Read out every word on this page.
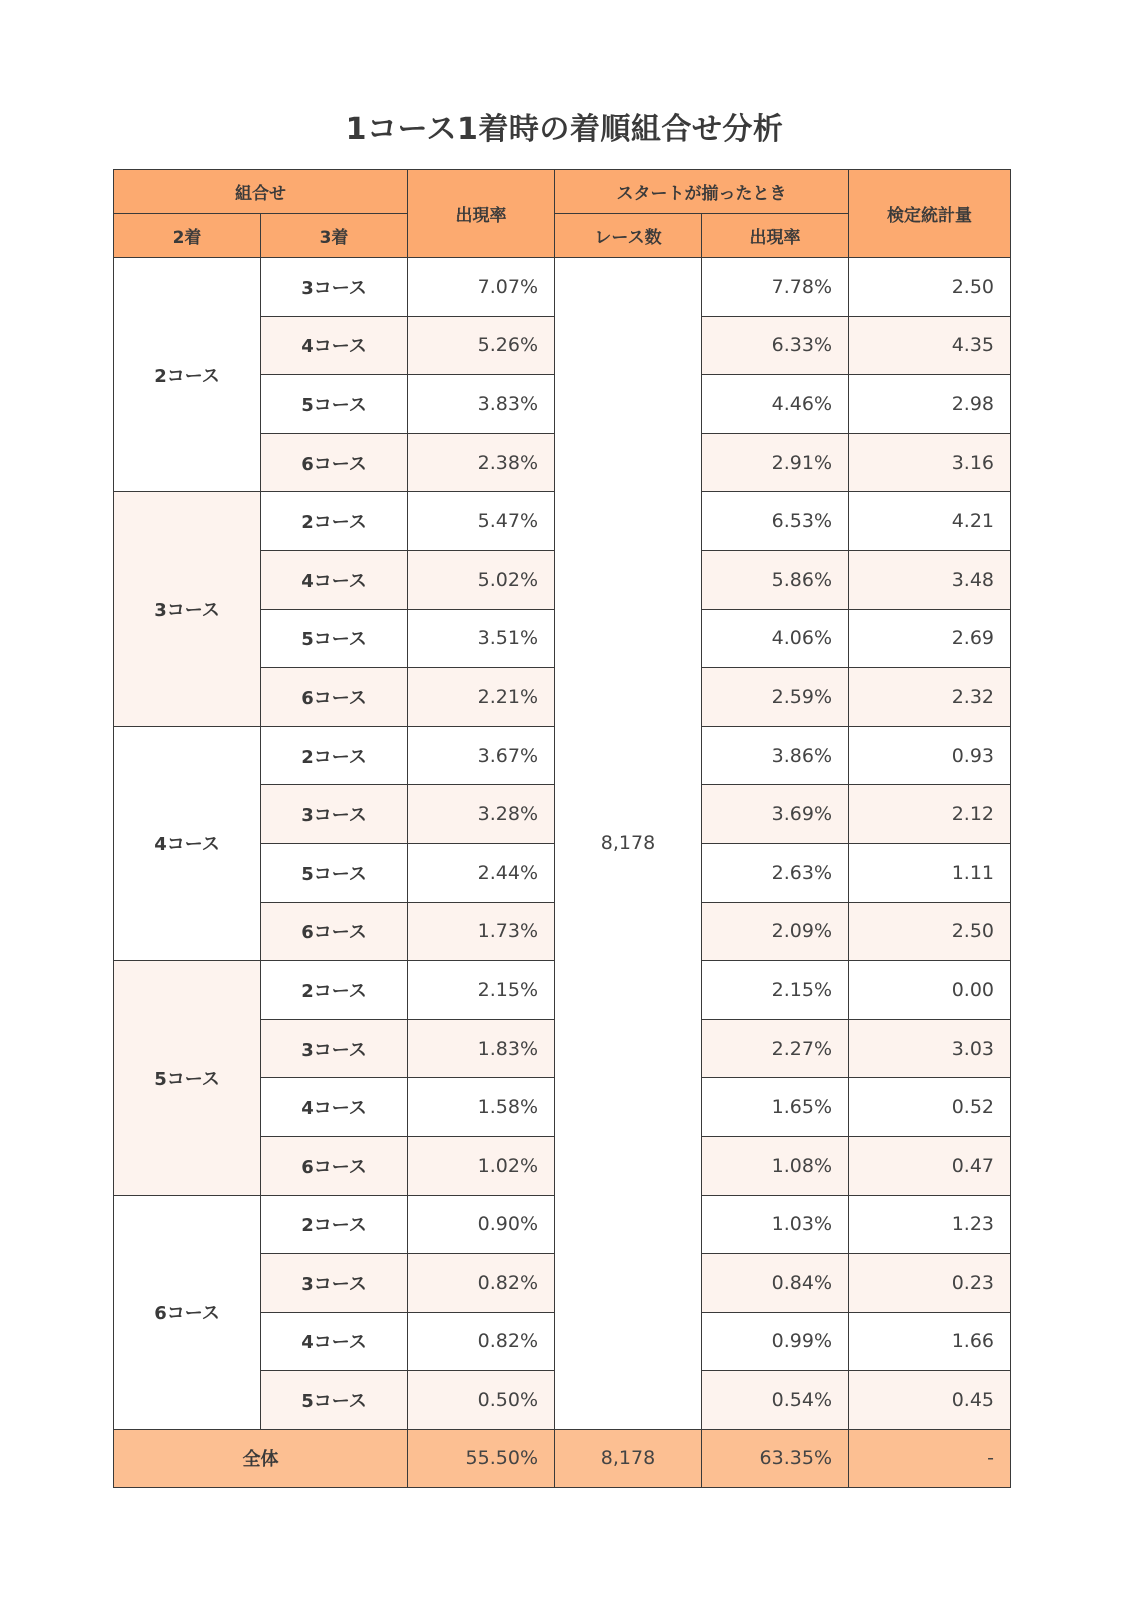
1コース1着時の着順組合せ分析
組合せ		出現率	スタートが揃ったとき		検定統計量
2着	3着		レース数	出現率	
2コース	3コース	7.07%	8,178	7.78%	2.50
	4コース	5.26%		6.33%	4.35
	5コース	3.83%		4.46%	2.98
	6コース	2.38%		2.91%	3.16
3コース	2コース	5.47%		6.53%	4.21
	4コース	5.02%		5.86%	3.48
	5コース	3.51%		4.06%	2.69
	6コース	2.21%		2.59%	2.32
4コース	2コース	3.67%		3.86%	0.93
	3コース	3.28%		3.69%	2.12
	5コース	2.44%		2.63%	1.11
	6コース	1.73%		2.09%	2.50
5コース	2コース	2.15%		2.15%	0.00
	3コース	1.83%		2.27%	3.03
	4コース	1.58%		1.65%	0.52
	6コース	1.02%		1.08%	0.47
6コース	2コース	0.90%		1.03%	1.23
	3コース	0.82%		0.84%	0.23
	4コース	0.82%		0.99%	1.66
	5コース	0.50%		0.54%	0.45
全体		55.50%	8,178	63.35%	-
